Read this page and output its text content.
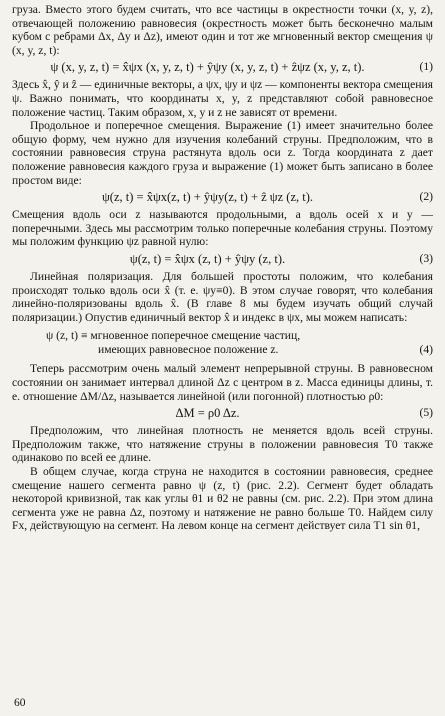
груза. Вместо этого будем считать, что все частицы в окрестности точки (x, y, z), отвечающей положению равновесия (окрестность может быть бесконечно малым кубом с ребрами Δx, Δy и Δz), имеют один и тот же мгновенный вектор смещения ψ (x, y, z, t):

ψ (x, y, z, t) = x̂ψx (x, y, z, t) + ŷψy (x, y, z, t) + ẑψz (x, y, z, t).	(1)

Здесь x̂, ŷ и ẑ — единичные векторы, а ψx, ψy и ψz — компоненты вектора смещения ψ. Важно понимать, что координаты x, y, z представляют собой равновесное положение частиц. Таким образом, x, y и z не зависят от времени.

Продольное и поперечное смещения. Выражение (1) имеет значительно более общую форму, чем нужно для изучения колебаний струны. Предположим, что в состоянии равновесия струна растянута вдоль оси z. Тогда координата z дает положение равновесия каждого груза и выражение (1) может быть записано в более простом виде:

ψ(z, t) = x̂ψx(z, t) + ŷψy(z, t) + ẑ ψz (z, t).	(2)

Смещения вдоль оси z называются продольными, а вдоль осей x и y — поперечными. Здесь мы рассмотрим только поперечные колебания струны. Поэтому мы положим функцию ψz равной нулю:

ψ(z, t) = x̂ψx (z, t) + ŷψy (z, t).	(3)

Линейная поляризация. Для большей простоты положим, что колебания происходят только вдоль оси x̂ (т. е. ψy≡0). В этом случае говорят, что колебания линейно-поляризованы вдоль x̂. (В главе 8 мы будем изучать общий случай поляризации.) Опустив единичный вектор x̂ и индекс в ψx, мы можем написать:

ψ (z, t) ≡ мгновенное поперечное смещение частиц,
имеющих равновесное положение z.	(4)

Теперь рассмотрим очень малый элемент непрерывной струны. В равновесном состоянии он занимает интервал длиной Δz с центром в z. Масса единицы длины, т. е. отношение ΔM/Δz, называется линейной (или погонной) плотностью ρ0:

ΔM = ρ0 Δz.	(5)

Предположим, что линейная плотность не меняется вдоль всей струны. Предположим также, что натяжение струны в положении равновесия T0 также одинаково по всей ее длине.

В общем случае, когда струна не находится в состоянии равновесия, среднее смещение нашего сегмента равно ψ (z, t) (рис. 2.2). Сегмент будет обладать некоторой кривизной, так как углы θ1 и θ2 не равны (см. рис. 2.2). При этом длина сегмента уже не равна Δz, поэтому и натяжение не равно больше T0. Найдем силу Fx, действующую на сегмент. На левом конце на сегмент действует сила T1 sin θ1,

60
